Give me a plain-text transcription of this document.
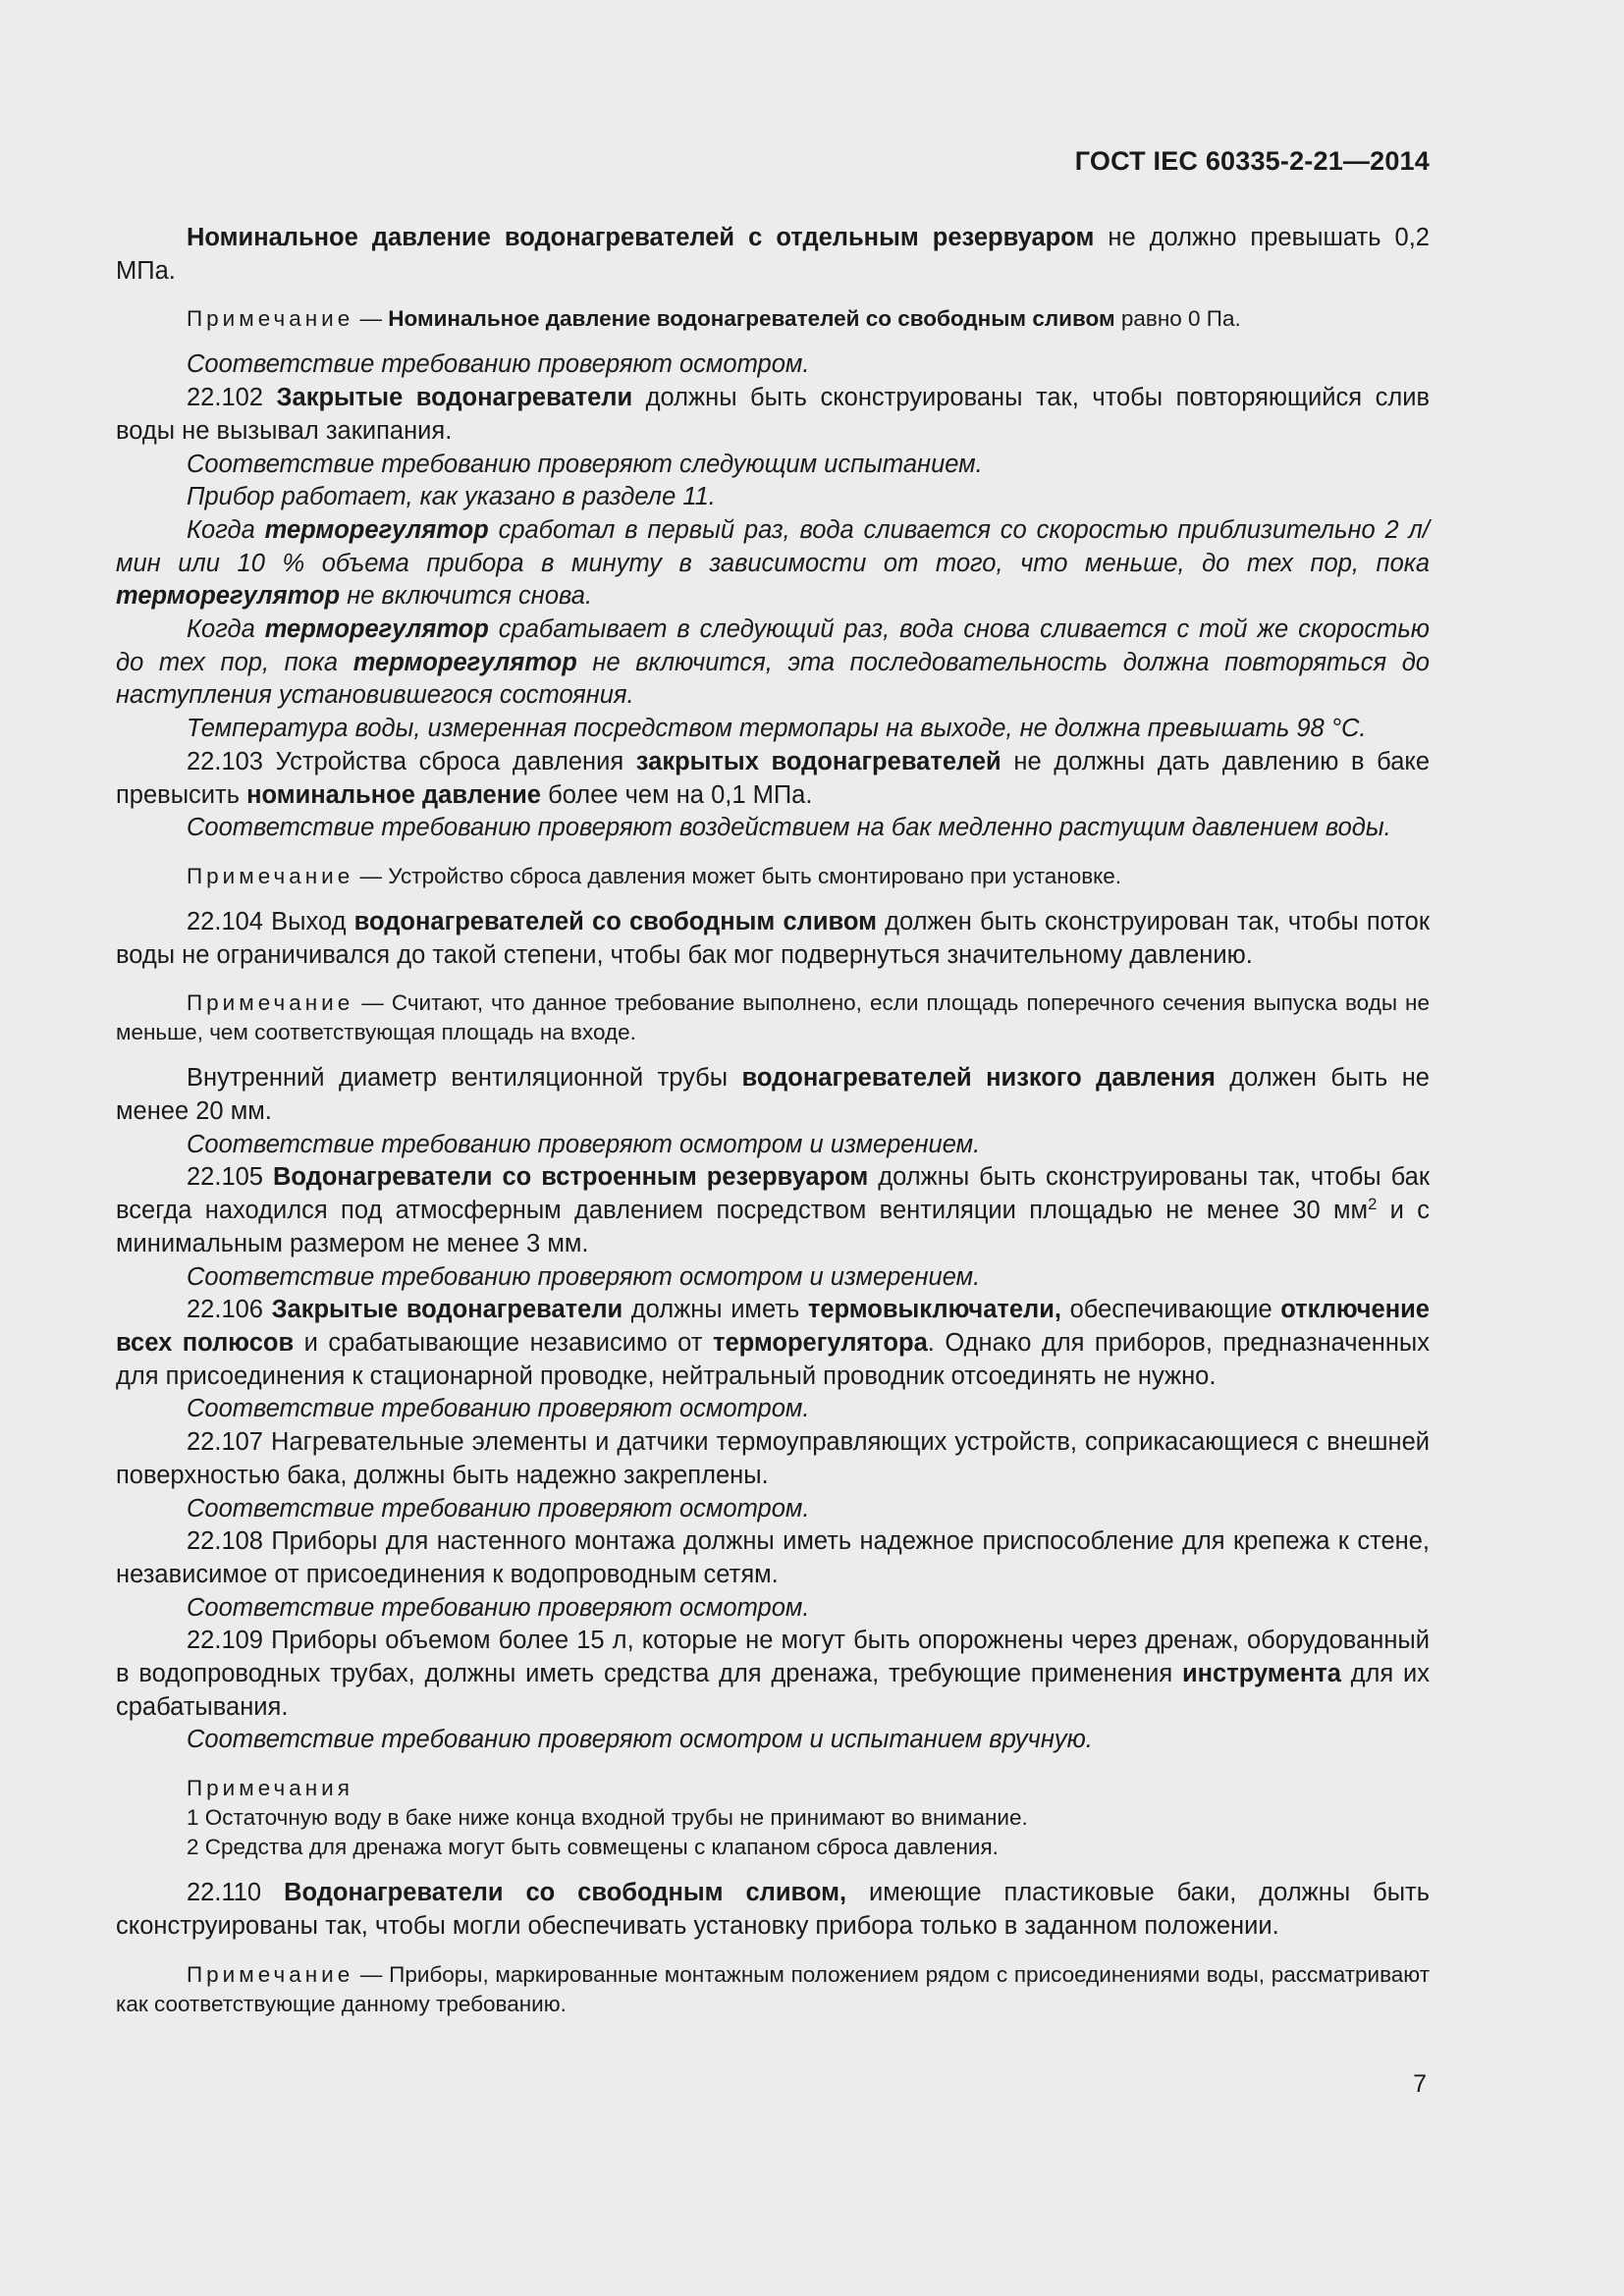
ГОСТ IEC 60335-2-21—2014

Номинальное давление водонагревателей с отдельным резервуаром не должно превышать 0,2 МПа.

Примечание — Номинальное давление водонагревателей со свободным сливом равно 0 Па.

Соответствие требованию проверяют осмотром.

22.102 Закрытые водонагреватели должны быть сконструированы так, чтобы повторяющийся слив воды не вызывал закипания.

Соответствие требованию проверяют следующим испытанием.

Прибор работает, как указано в разделе 11.

Когда терморегулятор сработал в первый раз, вода сливается со скоростью приблизительно 2 л/мин или 10 % объема прибора в минуту в зависимости от того, что меньше, до тех пор, пока терморегулятор не включится снова.

Когда терморегулятор срабатывает в следующий раз, вода снова сливается с той же скоростью до тех пор, пока терморегулятор не включится, эта последовательность должна повторяться до наступления установившегося состояния.

Температура воды, измеренная посредством термопары на выходе, не должна превышать 98 °С.

22.103 Устройства сброса давления закрытых водонагревателей не должны дать давлению в баке превысить номинальное давление более чем на 0,1 МПа.

Соответствие требованию проверяют воздействием на бак медленно растущим давлением воды.

Примечание — Устройство сброса давления может быть смонтировано при установке.

22.104 Выход водонагревателей со свободным сливом должен быть сконструирован так, чтобы поток воды не ограничивался до такой степени, чтобы бак мог подвернуться значительному давлению.

Примечание — Считают, что данное требование выполнено, если площадь поперечного сечения выпуска воды не меньше, чем соответствующая площадь на входе.

Внутренний диаметр вентиляционной трубы водонагревателей низкого давления должен быть не менее 20 мм.

Соответствие требованию проверяют осмотром и измерением.

22.105 Водонагреватели со встроенным резервуаром должны быть сконструированы так, чтобы бак всегда находился под атмосферным давлением посредством вентиляции площадью не менее 30 $мм^2$ и с минимальным размером не менее 3 мм.

Соответствие требованию проверяют осмотром и измерением.

22.106 Закрытые водонагреватели должны иметь термовыключатели, обеспечивающие отключение всех полюсов и срабатывающие независимо от терморегулятора. Однако для приборов, предназначенных для присоединения к стационарной проводке, нейтральный проводник отсоединять не нужно.

Соответствие требованию проверяют осмотром.

22.107 Нагревательные элементы и датчики термоуправляющих устройств, соприкасающиеся с внешней поверхностью бака, должны быть надежно закреплены.

Соответствие требованию проверяют осмотром.

22.108 Приборы для настенного монтажа должны иметь надежное приспособление для крепежа к стене, независимое от присоединения к водопроводным сетям.

Соответствие требованию проверяют осмотром.

22.109 Приборы объемом более 15 л, которые не могут быть опорожнены через дренаж, оборудованный в водопроводных трубах, должны иметь средства для дренажа, требующие применения инструмента для их срабатывания.

Соответствие требованию проверяют осмотром и испытанием вручную.

Примечания

1 Остаточную воду в баке ниже конца входной трубы не принимают во внимание.

2 Средства для дренажа могут быть совмещены с клапаном сброса давления.

22.110 Водонагреватели со свободным сливом, имеющие пластиковые баки, должны быть сконструированы так, чтобы могли обеспечивать установку прибора только в заданном положении.

Примечание — Приборы, маркированные монтажным положением рядом с присоединениями воды, рассматривают как соответствующие данному требованию.

7
